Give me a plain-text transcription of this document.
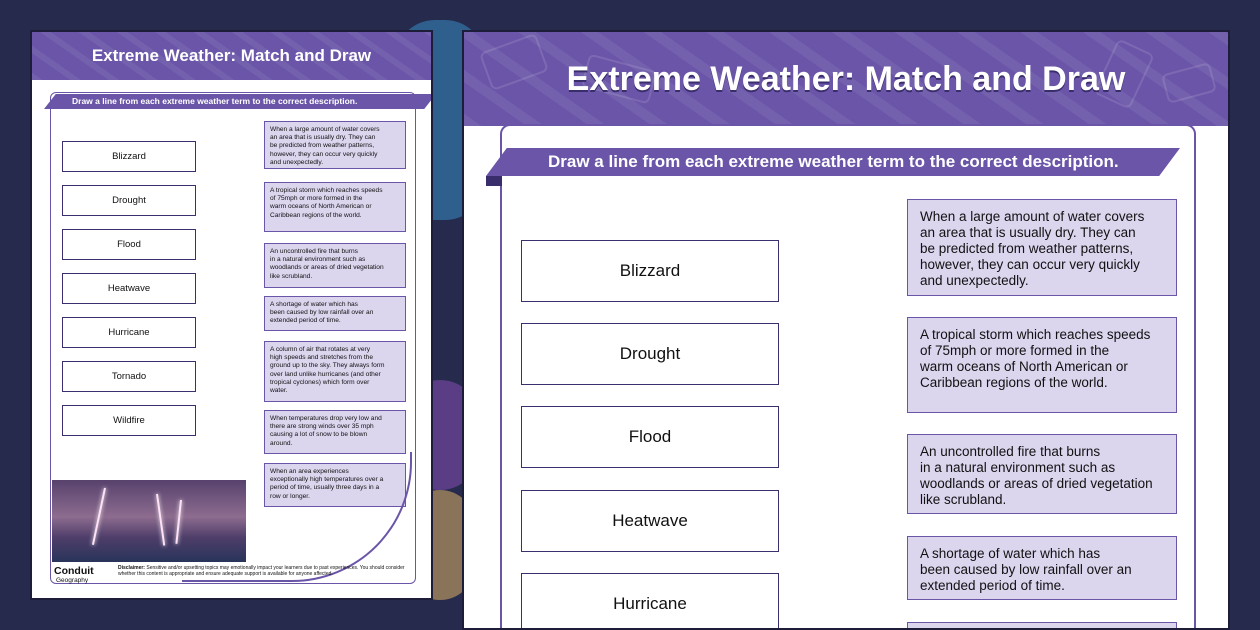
Extreme Weather: Match and Draw
Draw a line from each extreme weather term to the correct description.
Blizzard
Drought
Flood
Heatwave
Hurricane
Tornado
Wildfire
When a large amount of water covers
an area that is usually dry. They can
be predicted from weather patterns,
however, they can occur very quickly
and unexpectedly.
A tropical storm which reaches speeds
of 75mph or more formed in the
warm oceans of North American or
Caribbean regions of the world.
An uncontrolled fire that burns
in a natural environment such as
woodlands or areas of dried vegetation
like scrubland.
A shortage of water which has
been caused by low rainfall over an
extended period of time.
A column of air that rotates at very
high speeds and stretches from the
ground up to the sky. They always form
over land unlike hurricanes (and other
tropical cyclones) which form over
water.
When temperatures drop very low and
there are strong winds over 35 mph
causing a lot of snow to be blown
around.
When an area experiences
exceptionally high temperatures over a
period of time, usually three days in a
row or longer.
Conduit
Geography
Disclaimer: Sensitive and/or upsetting topics may emotionally impact your learners due to past experiences. You should consider whether this content is appropriate and ensure adequate support is available for anyone affected.
Extreme Weather: Match and Draw
Draw a line from each extreme weather term to the correct description.
Blizzard
Drought
Flood
Heatwave
Hurricane
When a large amount of water covers
an area that is usually dry. They can
be predicted from weather patterns,
however, they can occur very quickly
and unexpectedly.
A tropical storm which reaches speeds
of 75mph or more formed in the
warm oceans of North American or
Caribbean regions of the world.
An uncontrolled fire that burns
in a natural environment such as
woodlands or areas of dried vegetation
like scrubland.
A shortage of water which has
been caused by low rainfall over an
extended period of time.
